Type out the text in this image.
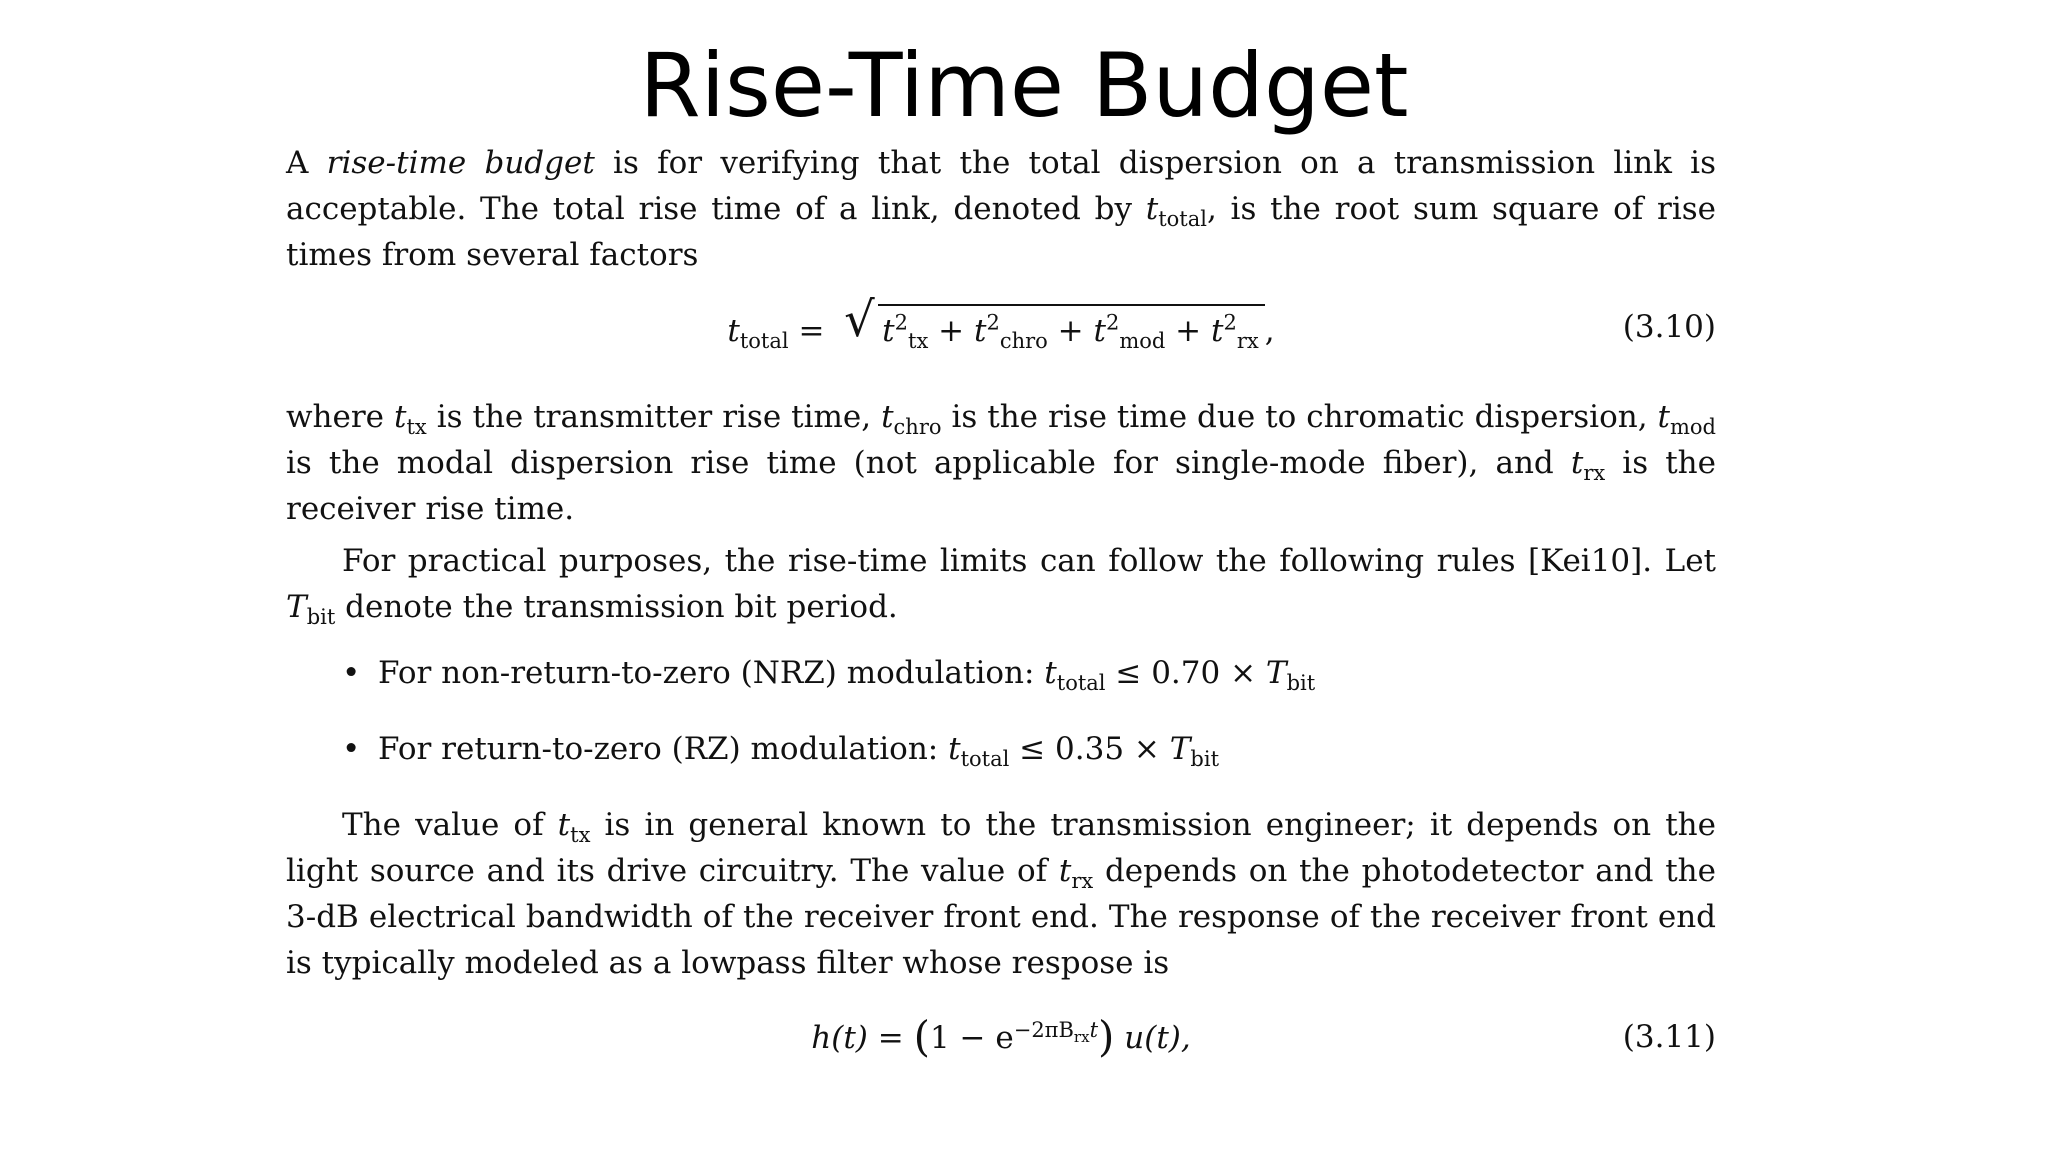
Rise-Time Budget

A rise-time budget is for verifying that the total dispersion on a transmission link is acceptable. The total rise time of a link, denoted by $t_{total}$, is the root sum square of rise times from several factors

$t_{total}$ = √ $t^2_{tx} + t^2_{chro} + t^2_{mod} + t^2_{rx}$ ,	(3.10)

where $t_{tx}$ is the transmitter rise time, $t_{chro}$ is the rise time due to chromatic dispersion, $t_{mod}$ is the modal dispersion rise time (not applicable for single-mode fiber), and $t_{rx}$ is the receiver rise time.

For practical purposes, the rise-time limits can follow the following rules [Kei10]. Let $T_{bit}$ denote the transmission bit period.

• For non-return-to-zero (NRZ) modulation: $t_{total} \le 0.70 \times T_{bit}$
• For return-to-zero (RZ) modulation: $t_{total} \le 0.35 \times T_{bit}$

The value of $t_{tx}$ is in general known to the transmission engineer; it depends on the light source and its drive circuitry. The value of $t_{rx}$ depends on the photodetector and the 3-dB electrical bandwidth of the receiver front end. The response of the receiver front end is typically modeled as a lowpass filter whose respose is

$h(t) = (1 - e^{-2\pi B_{rx}t})$ u(t),	(3.11)
